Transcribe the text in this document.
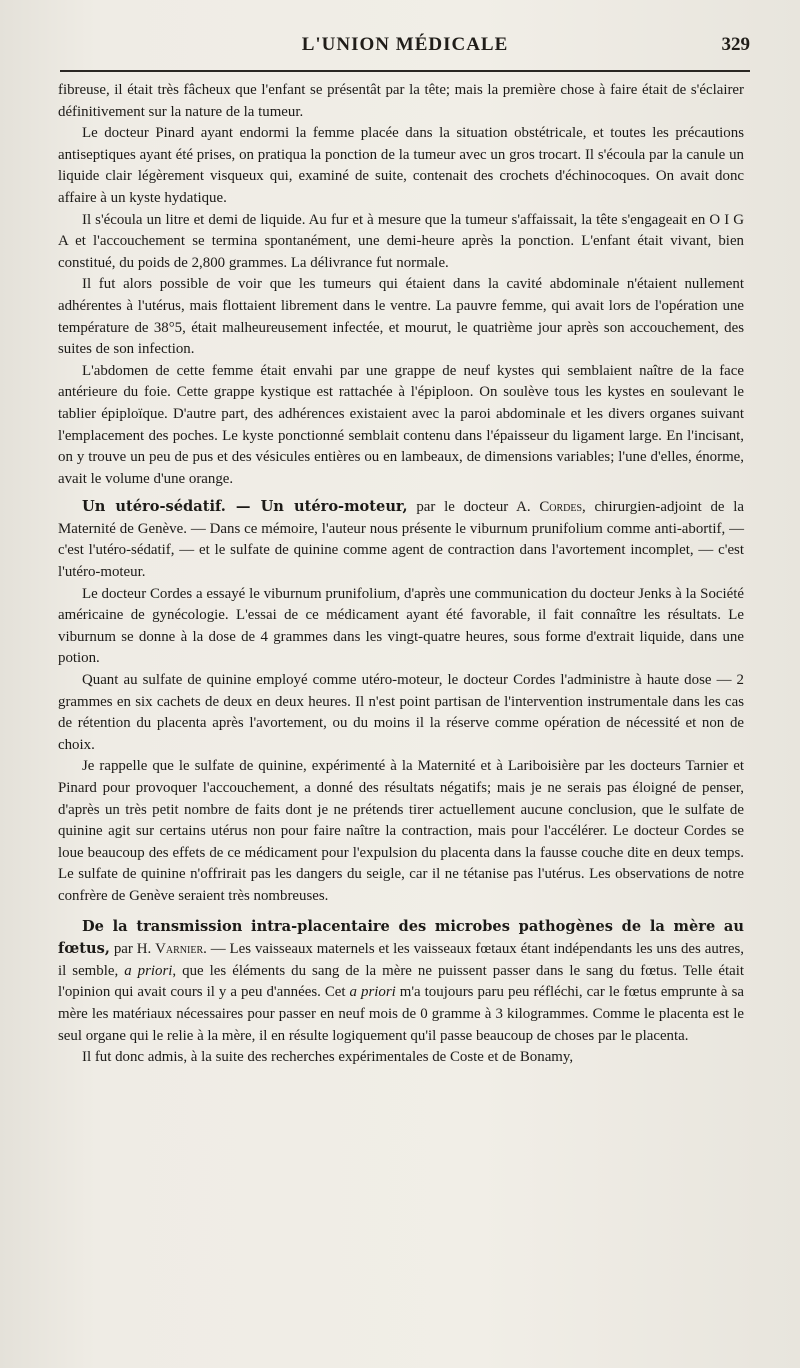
L'UNION MÉDICALE	329

fibreuse, il était très fâcheux que l'enfant se présentât par la tête; mais la première chose à faire était de s'éclairer définitivement sur la nature de la tumeur.

Le docteur Pinard ayant endormi la femme placée dans la situation obstétricale, et toutes les précautions antiseptiques ayant été prises, on pratiqua la ponction de la tumeur avec un gros trocart. Il s'écoula par la canule un liquide clair légèrement visqueux qui, examiné de suite, contenait des crochets d'échinocoques. On avait donc affaire à un kyste hydatique.

Il s'écoula un litre et demi de liquide. Au fur et à mesure que la tumeur s'affaissait, la tête s'engageait en O I G A et l'accouchement se termina spontanément, une demi-heure après la ponction. L'enfant était vivant, bien constitué, du poids de 2,800 grammes. La délivrance fut normale.

Il fut alors possible de voir que les tumeurs qui étaient dans la cavité abdominale n'étaient nullement adhérentes à l'utérus, mais flottaient librement dans le ventre. La pauvre femme, qui avait lors de l'opération une température de 38°5, était malheureusement infectée, et mourut, le quatrième jour après son accouchement, des suites de son infection.

L'abdomen de cette femme était envahi par une grappe de neuf kystes qui semblaient naître de la face antérieure du foie. Cette grappe kystique est rattachée à l'épiploon. On soulève tous les kystes en soulevant le tablier épiploïque. D'autre part, des adhérences existaient avec la paroi abdominale et les divers organes suivant l'emplacement des poches. Le kyste ponctionné semblait contenu dans l'épaisseur du ligament large. En l'incisant, on y trouve un peu de pus et des vésicules entières ou en lambeaux, de dimensions variables; l'une d'elles, énorme, avait le volume d'une orange.

Un utéro-sédatif. — Un utéro-moteur, par le docteur A. Cordes, chirurgien-adjoint de la Maternité de Genève. — Dans ce mémoire, l'auteur nous présente le viburnum prunifolium comme anti-abortif, — c'est l'utéro-sédatif, — et le sulfate de quinine comme agent de contraction dans l'avortement incomplet, — c'est l'utéro-moteur.

Le docteur Cordes a essayé le viburnum prunifolium, d'après une communication du docteur Jenks à la Société américaine de gynécologie. L'essai de ce médicament ayant été favorable, il fait connaître les résultats. Le viburnum se donne à la dose de 4 grammes dans les vingt-quatre heures, sous forme d'extrait liquide, dans une potion.

Quant au sulfate de quinine employé comme utéro-moteur, le docteur Cordes l'administre à haute dose — 2 grammes en six cachets de deux en deux heures. Il n'est point partisan de l'intervention instrumentale dans les cas de rétention du placenta après l'avortement, ou du moins il la réserve comme opération de nécessité et non de choix.

Je rappelle que le sulfate de quinine, expérimenté à la Maternité et à Lariboisière par les docteurs Tarnier et Pinard pour provoquer l'accouchement, a donné des résultats négatifs; mais je ne serais pas éloigné de penser, d'après un très petit nombre de faits dont je ne prétends tirer actuellement aucune conclusion, que le sulfate de quinine agit sur certains utérus non pour faire naître la contraction, mais pour l'accélérer. Le docteur Cordes se loue beaucoup des effets de ce médicament pour l'expulsion du placenta dans la fausse couche dite en deux temps. Le sulfate de quinine n'offrirait pas les dangers du seigle, car il ne tétanise pas l'utérus. Les observations de notre confrère de Genève seraient très nombreuses.

De la transmission intra-placentaire des microbes pathogènes de la mère au fœtus, par H. Varnier. — Les vaisseaux maternels et les vaisseaux fœtaux étant indépendants les uns des autres, il semble, a priori, que les éléments du sang de la mère ne puissent passer dans le sang du fœtus. Telle était l'opinion qui avait cours il y a peu d'années. Cet a priori m'a toujours paru peu réfléchi, car le fœtus emprunte à sa mère les matériaux nécessaires pour passer en neuf mois de 0 gramme à 3 kilogrammes. Comme le placenta est le seul organe qui le relie à la mère, il en résulte logiquement qu'il passe beaucoup de choses par le placenta.

Il fut donc admis, à la suite des recherches expérimentales de Coste et de Bonamy,
